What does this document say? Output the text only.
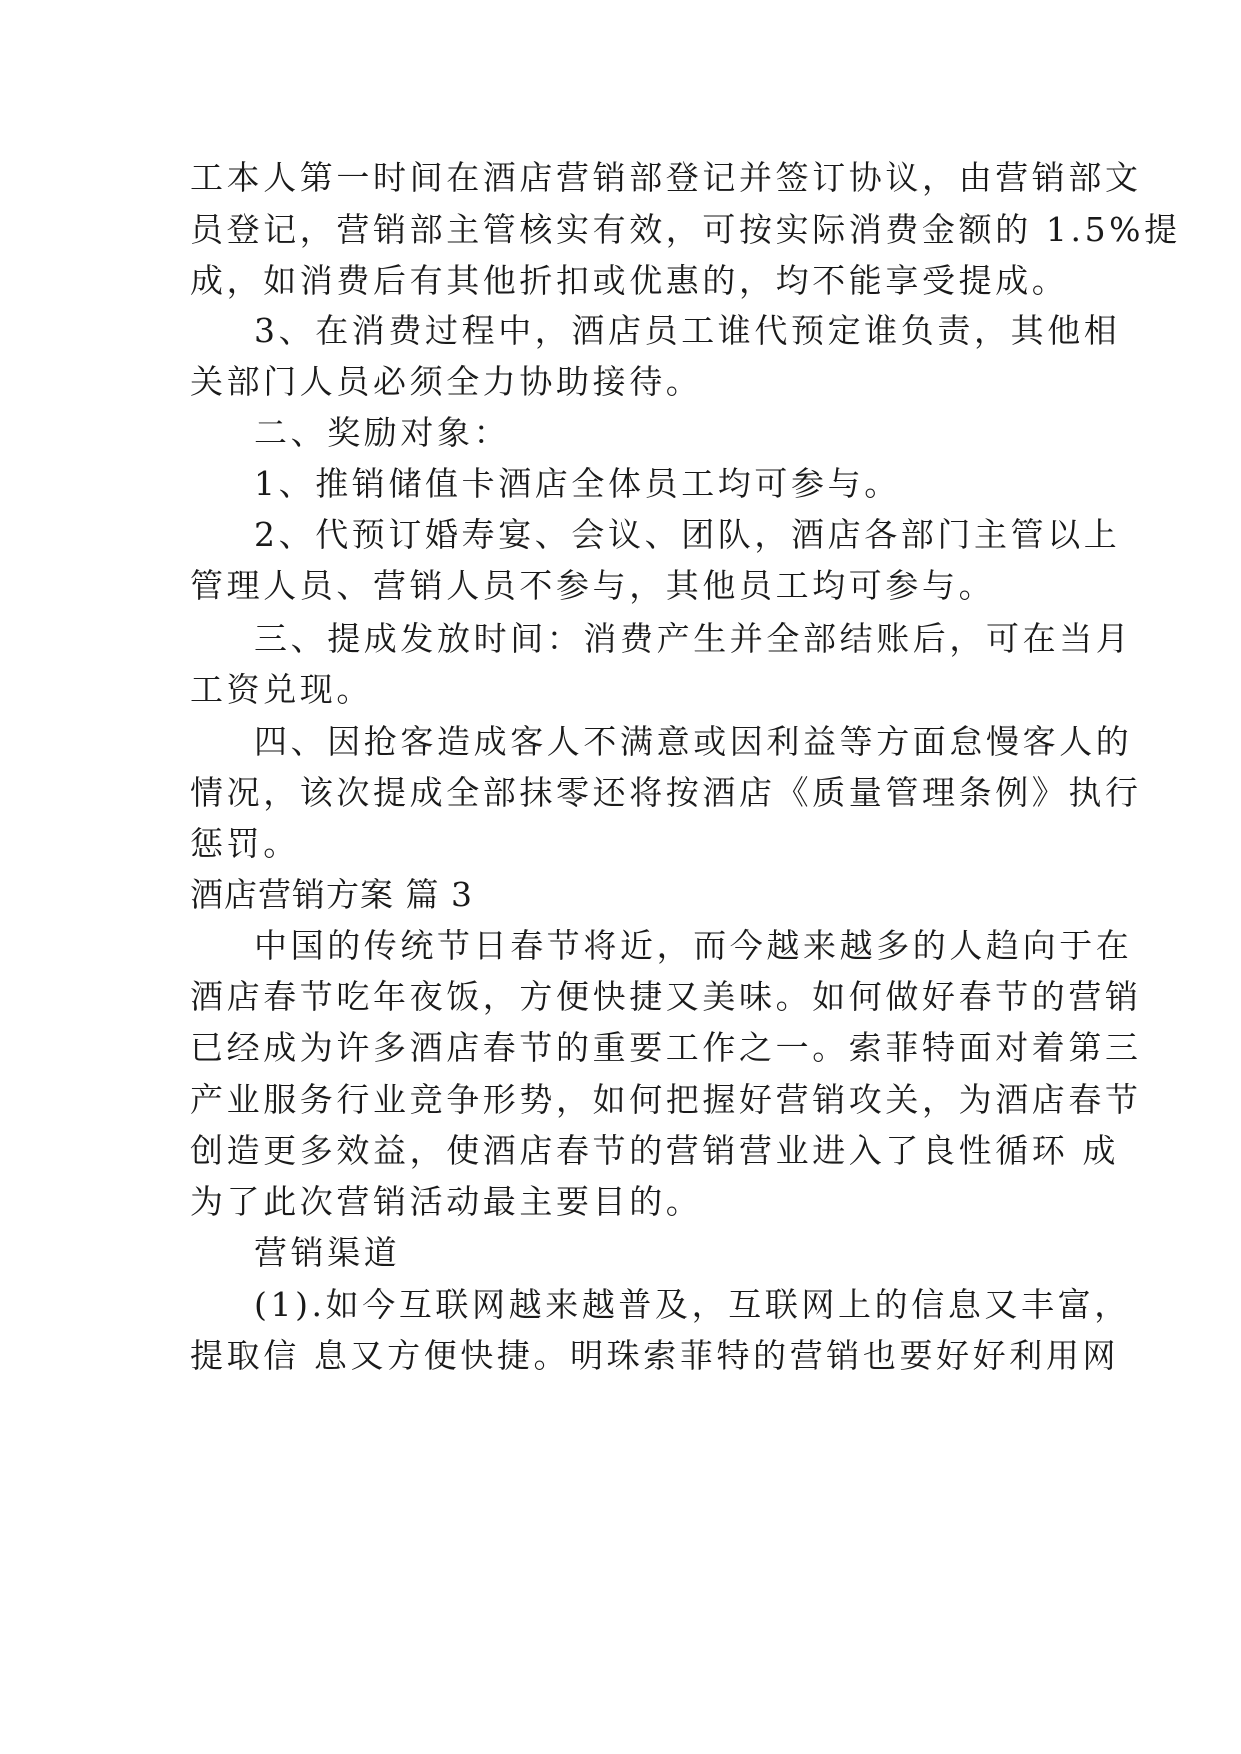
工本人第一时间在酒店营销部登记并签订协议，由营销部文
员登记，营销部主管核实有效，可按实际消费金额的 1.5%提
成，如消费后有其他折扣或优惠的，均不能享受提成。
3、在消费过程中，酒店员工谁代预定谁负责，其他相
关部门人员必须全力协助接待。
二、奖励对象：
1、推销储值卡酒店全体员工均可参与。
2、代预订婚寿宴、会议、团队，酒店各部门主管以上
管理人员、营销人员不参与，其他员工均可参与。
三、提成发放时间：消费产生并全部结账后，可在当月
工资兑现。
四、因抢客造成客人不满意或因利益等方面怠慢客人的
情况，该次提成全部抹零还将按酒店《质量管理条例》执行
惩罚。
酒店营销方案 篇 3
中国的传统节日春节将近，而今越来越多的人趋向于在
酒店春节吃年夜饭，方便快捷又美味。如何做好春节的营销
已经成为许多酒店春节的重要工作之一。索菲特面对着第三
产业服务行业竞争形势，如何把握好营销攻关，为酒店春节
创造更多效益，使酒店春节的营销营业进入了良性循环 成
为了此次营销活动最主要目的。
营销渠道
(1).如今互联网越来越普及，互联网上的信息又丰富，
提取信 息又方便快捷。明珠索菲特的营销也要好好利用网
